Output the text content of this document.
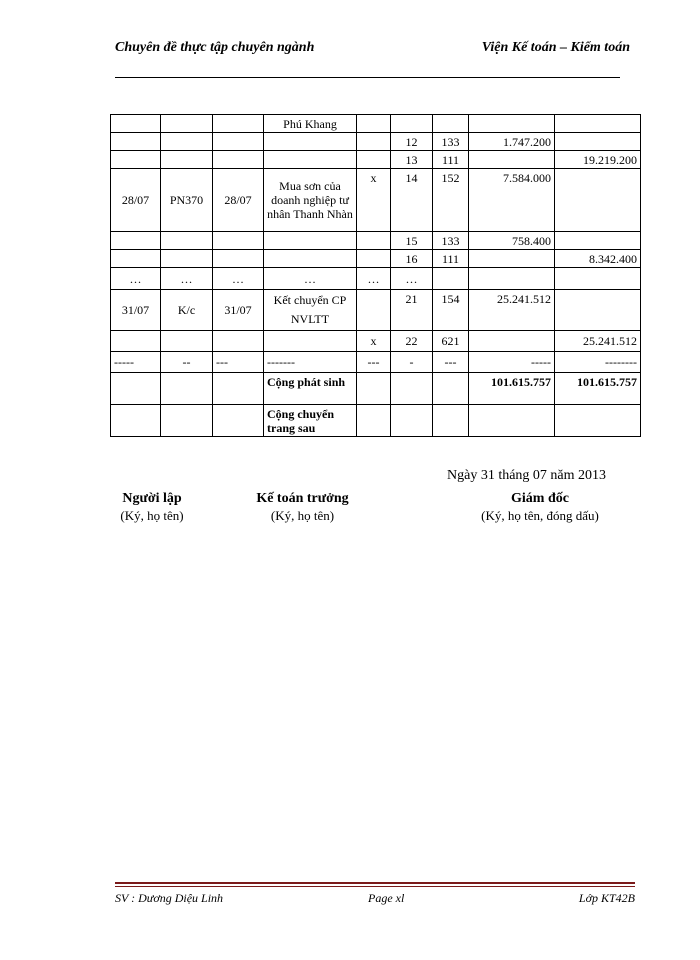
Chuyên đề thực tập chuyên ngành	Viện Kế toán – Kiểm toán
			Phú Khang					
					12	133	1.747.200	
					13	111		19.219.200
28/07	PN370	28/07	Mua sơn của doanh nghiệp tư nhân Thanh Nhàn	x	14	152	7.584.000	
					15	133	758.400	
					16	111		8.342.400
…	…	…	…	…	…			
31/07	K/c	31/07	Kết chuyển CP NVLTT		21	154	25.241.512	
				x	22	621		25.241.512
-----	--	---	-------	---	-	---	-----	--------
			Cộng phát sinh				101.615.757	101.615.757
			Cộng chuyển trang sau					
Ngày 31 tháng 07 năm 2013
Người lập
(Ký, họ tên)
Kế toán trưởng
(Ký, họ tên)
Giám đốc
(Ký, họ tên, đóng dấu)
SV : Dương Diệu Linh	Page xl	Lớp KT42B
